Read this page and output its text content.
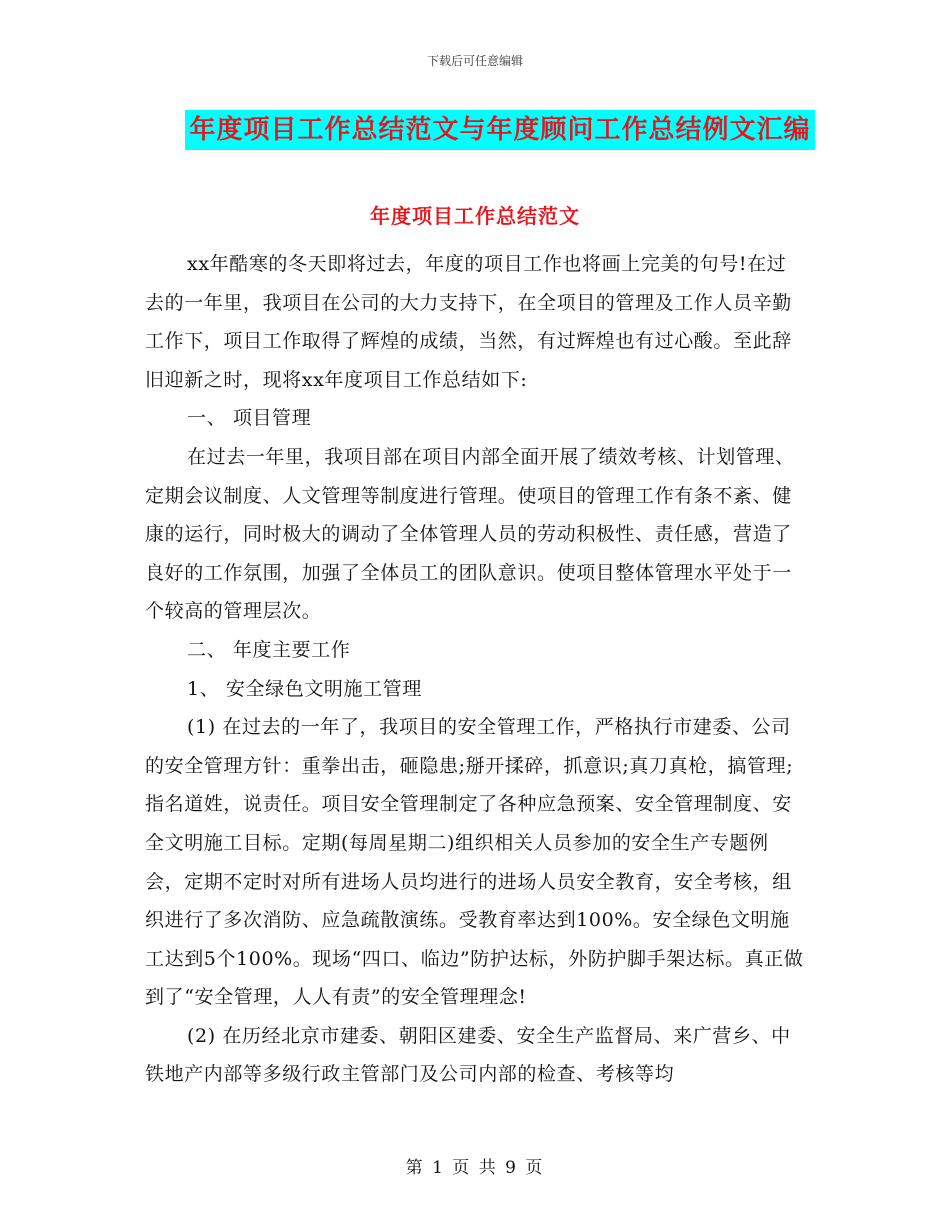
下载后可任意编辑
年度项目工作总结范文与年度顾问工作总结例文汇编
年度项目工作总结范文

xx年酷寒的冬天即将过去，年度的项目工作也将画上完美的句号!在过去的一年里，我项目在公司的大力支持下，在全项目的管理及工作人员辛勤工作下，项目工作取得了辉煌的成绩，当然，有过辉煌也有过心酸。至此辞旧迎新之时，现将xx年度项目工作总结如下:

一、 项目管理

在过去一年里，我项目部在项目内部全面开展了绩效考核、计划管理、定期会议制度、人文管理等制度进行管理。使项目的管理工作有条不紊、健康的运行，同时极大的调动了全体管理人员的劳动积极性、责任感，营造了良好的工作氛围，加强了全体员工的团队意识。使项目整体管理水平处于一个较高的管理层次。

二、 年度主要工作

1、 安全绿色文明施工管理

(1) 在过去的一年了，我项目的安全管理工作，严格执行市建委、公司的安全管理方针：重拳出击，砸隐患;掰开揉碎，抓意识;真刀真枪，搞管理;指名道姓，说责任。项目安全管理制定了各种应急预案、安全管理制度、安全文明施工目标。定期(每周星期二)组织相关人员参加的安全生产专题例会，定期不定时对所有进场人员均进行的进场人员安全教育，安全考核，组织进行了多次消防、应急疏散演练。受教育率达到100%。安全绿色文明施工达到5个100%。现场“四口、临边”防护达标，外防护脚手架达标。真正做到了“安全管理，人人有责”的安全管理理念!

(2) 在历经北京市建委、朝阳区建委、安全生产监督局、来广营乡、中铁地产内部等多级行政主管部门及公司内部的检查、考核等均

第 1 页 共 9 页
